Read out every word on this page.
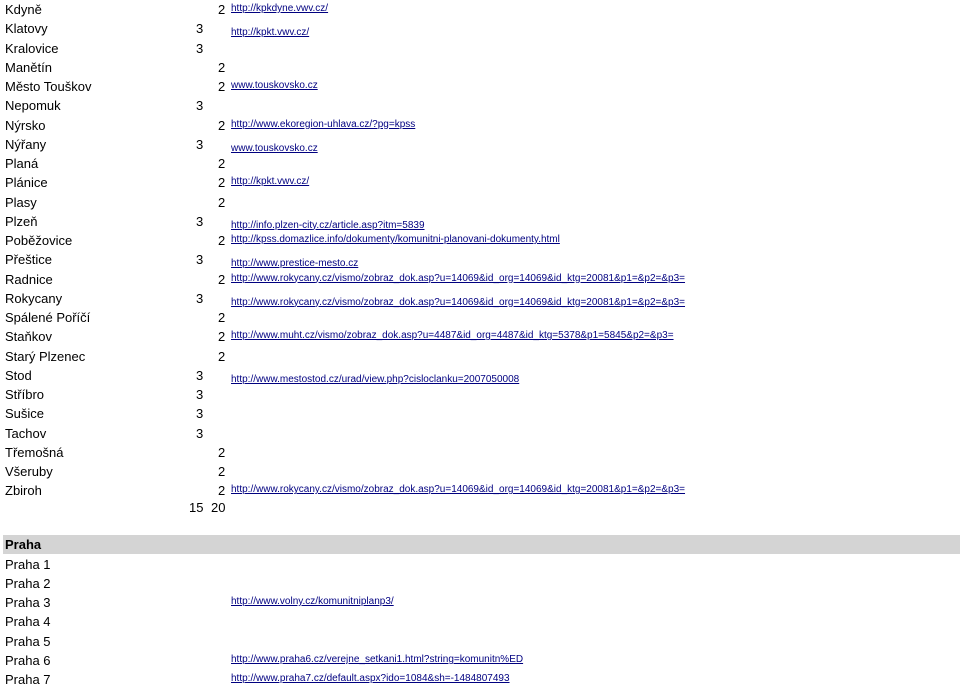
Kdyně	2 http://kpkdyne.vwv.cz/
Klatovy	3	http://kpkt.vwv.cz/
Kralovice	3
Manětín	2
Město Touškov	2 www.touskovsko.cz
Nepomuk	3
Nýrsko	2 http://www.ekoregion-uhlava.cz/?pg=kpss
Nýřany	3	www.touskovsko.cz
Planá	2
Plánice	2 http://kpkt.vwv.cz/
Plasy	2
Plzeň	3	http://info.plzen-city.cz/article.asp?itm=5839
Poběžovice	2 http://kpss.domazlice.info/dokumenty/komunitni-planovani-dokumenty.html
Přeštice	3	http://www.prestice-mesto.cz
Radnice	2 http://www.rokycany.cz/vismo/zobraz_dok.asp?u=14069&id_org=14069&id_ktg=20081&p1=&p2=&p3=
Rokycany	3	http://www.rokycany.cz/vismo/zobraz_dok.asp?u=14069&id_org=14069&id_ktg=20081&p1=&p2=&p3=
Spálené Poříčí	2
Staňkov	2 http://www.muht.cz/vismo/zobraz_dok.asp?u=4487&id_org=4487&id_ktg=5378&p1=5845&p2=&p3=
Starý Plzenec	2
Stod	3	http://www.mestostod.cz/urad/view.php?cisloclanku=2007050008
Stříbro	3
Sušice	3
Tachov	3
Třemošná	2
Všeruby	2
Zbiroh	2 http://www.rokycany.cz/vismo/zobraz_dok.asp?u=14069&id_org=14069&id_ktg=20081&p1=&p2=&p3=
15 20
Praha
Praha 1
Praha 2
Praha 3	http://www.volny.cz/komunitniplanp3/
Praha 4
Praha 5
Praha 6	http://www.praha6.cz/verejne_setkani1.html?string=komunitn%ED
Praha 7	http://www.praha7.cz/default.aspx?ido=1084&sh=-1484807493
